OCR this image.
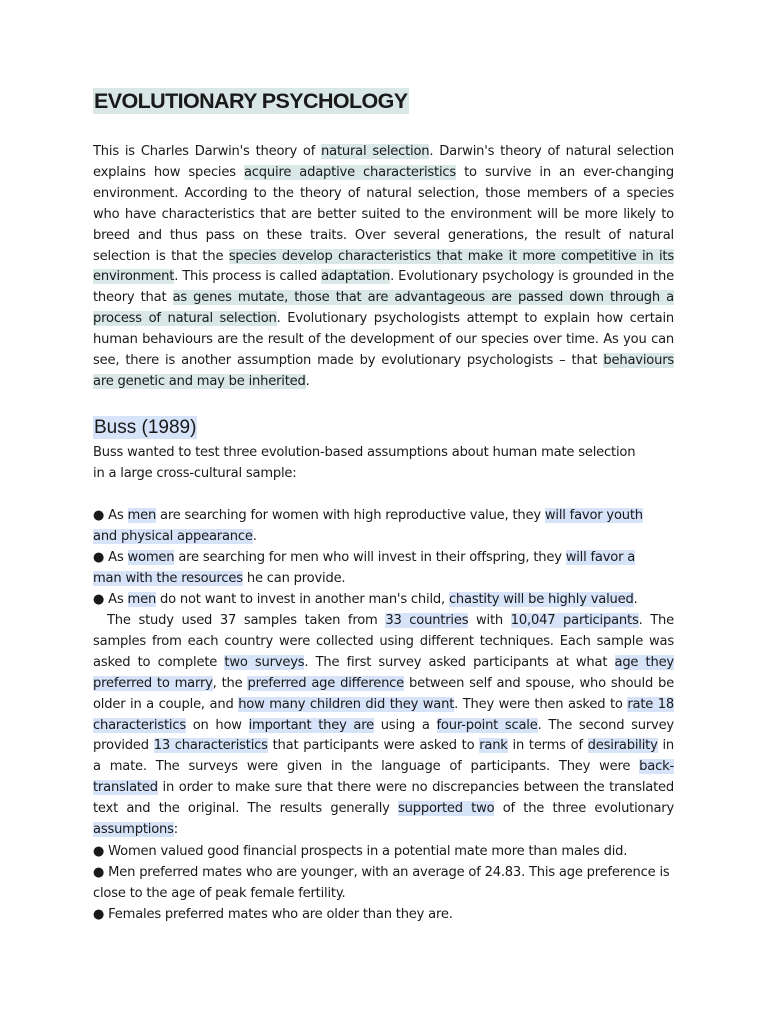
EVOLUTIONARY PSYCHOLOGY

This is Charles Darwin's theory of natural selection. Darwin's theory of natural selection explains how species acquire adaptive characteristics to survive in an ever-changing environment. According to the theory of natural selection, those members of a species who have characteristics that are better suited to the environment will be more likely to breed and thus pass on these traits. Over several generations, the result of natural selection is that the species develop characteristics that make it more competitive in its environment. This process is called adaptation. Evolutionary psychology is grounded in the theory that as genes mutate, those that are advantageous are passed down through a process of natural selection. Evolutionary psychologists attempt to explain how certain human behaviours are the result of the development of our species over time. As you can see, there is another assumption made by evolutionary psychologists – that behaviours are genetic and may be inherited.

Buss (1989)

Buss wanted to test three evolution-based assumptions about human mate selection
in a large cross-cultural sample:

● As men are searching for women with high reproductive value, they will favor youth
and physical appearance.
● As women are searching for men who will invest in their offspring, they will favor a
man with the resources he can provide.
● As men do not want to invest in another man's child, chastity will be highly valued.

The study used 37 samples taken from 33 countries with 10,047 participants. The samples from each country were collected using different techniques. Each sample was asked to complete two surveys. The first survey asked participants at what age they preferred to marry, the preferred age difference between self and spouse, who should be older in a couple, and how many children did they want. They were then asked to rate 18 characteristics on how important they are using a four-point scale. The second survey provided 13 characteristics that participants were asked to rank in terms of desirability in a mate. The surveys were given in the language of participants. They were back-translated in order to make sure that there were no discrepancies between the translated text and the original. The results generally supported two of the three evolutionary assumptions:

● Women valued good financial prospects in a potential mate more than males did.
● Men preferred mates who are younger, with an average of 24.83. This age preference is close to the age of peak female fertility.
● Females preferred mates who are older than they are.
